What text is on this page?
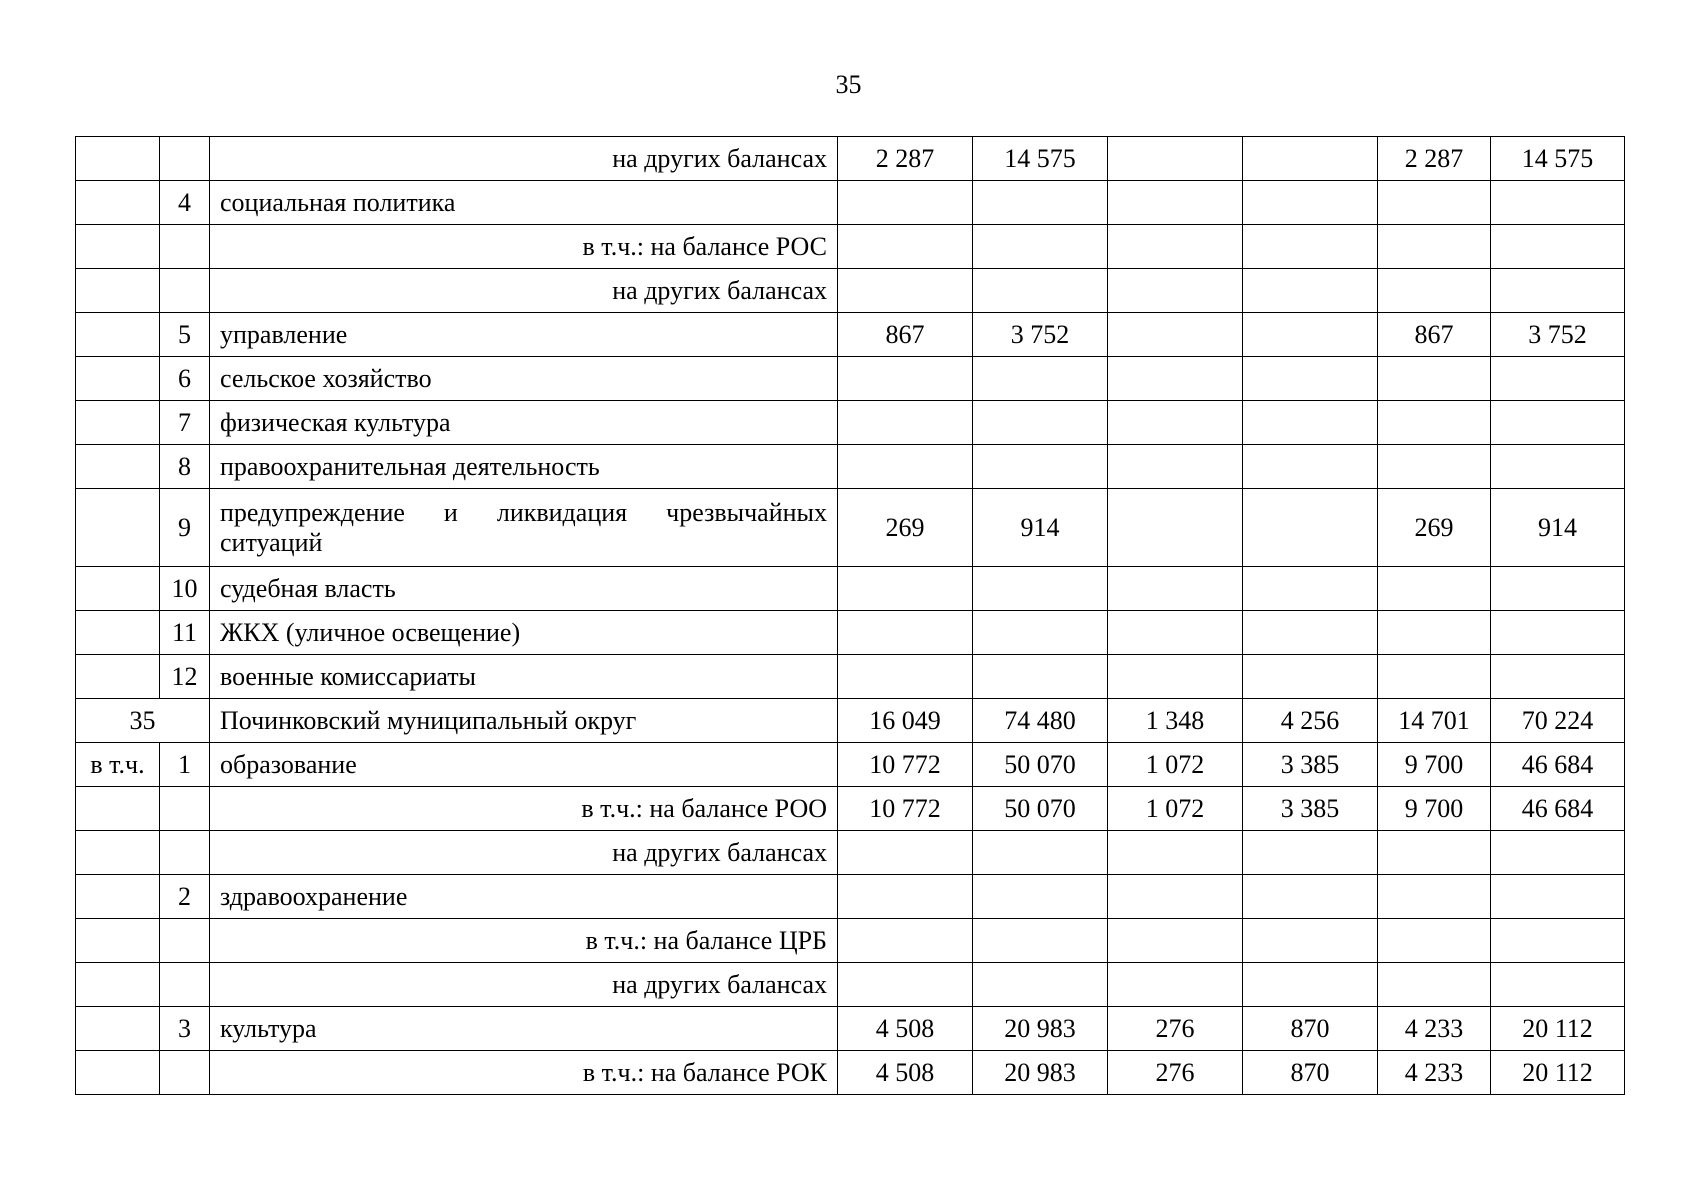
35
		на других балансах	2 287	14 575			2 287	14 575
	4	социальная политика						
		в т.ч.: на балансе РОС						
		на других балансах						
	5	управление	867	3 752			867	3 752
	6	сельское хозяйство						
	7	физическая культура						
	8	правоохранительная деятельность						
	9	предупреждение и ликвидация чрезвычайных ситуаций	269	914			269	914
	10	судебная власть						
	11	ЖКХ (уличное освещение)						
	12	военные комиссариаты						
35		Починковский муниципальный округ	16 049	74 480	1 348	4 256	14 701	70 224
в т.ч.	1	образование	10 772	50 070	1 072	3 385	9 700	46 684
		в т.ч.: на балансе РОО	10 772	50 070	1 072	3 385	9 700	46 684
		на других балансах						
	2	здравоохранение						
		в т.ч.: на балансе ЦРБ						
		на других балансах						
	3	культура	4 508	20 983	276	870	4 233	20 112
		в т.ч.: на балансе РОК	4 508	20 983	276	870	4 233	20 112
